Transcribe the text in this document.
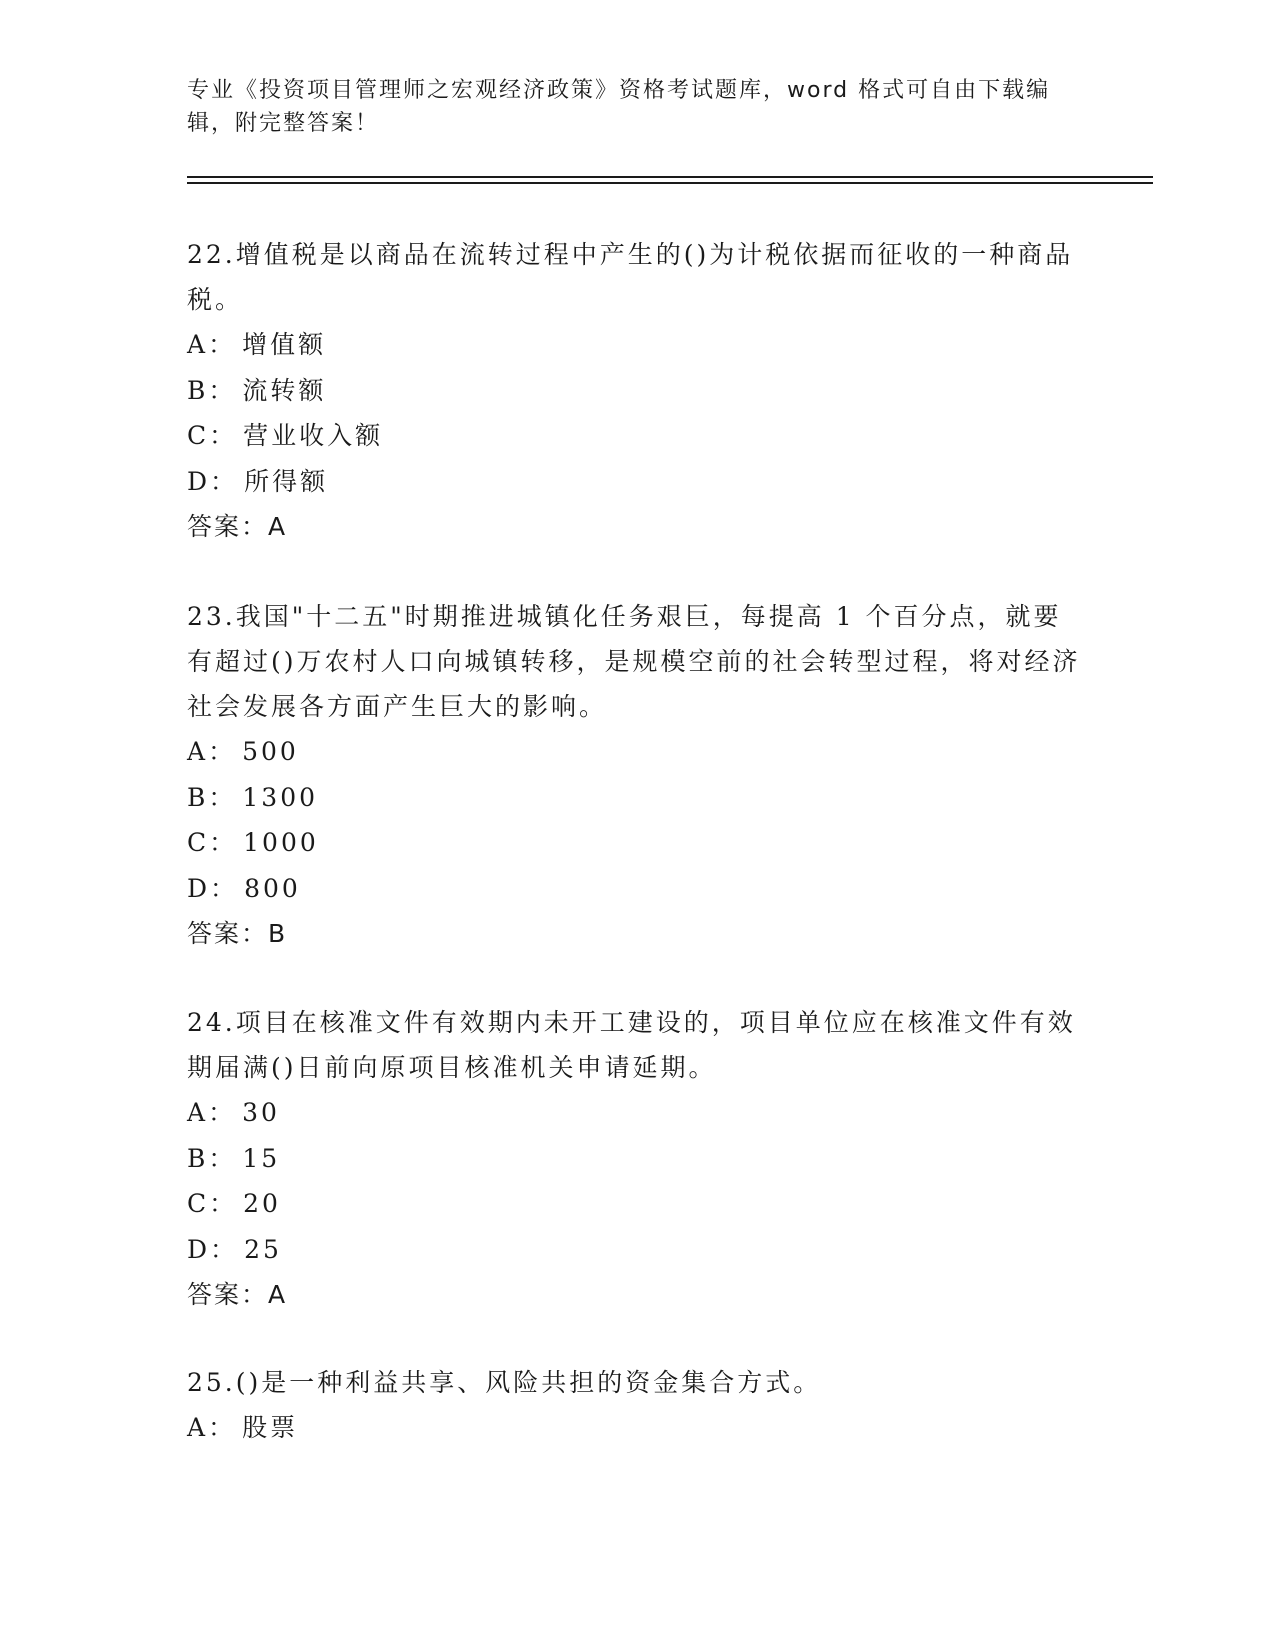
专业《投资项目管理师之宏观经济政策》资格考试题库，word 格式可自由下载编辑，附完整答案！

22.增值税是以商品在流转过程中产生的()为计税依据而征收的一种商品税。

A： 增值额

B： 流转额

C： 营业收入额

D： 所得额

答案：A

23.我国"十二五"时期推进城镇化任务艰巨，每提高 1 个百分点，就要有超过()万农村人口向城镇转移，是规模空前的社会转型过程，将对经济社会发展各方面产生巨大的影响。

A： 500

B： 1300

C： 1000

D： 800

答案：B

24.项目在核准文件有效期内未开工建设的，项目单位应在核准文件有效期届满()日前向原项目核准机关申请延期。

A： 30

B： 15

C： 20

D： 25

答案：A

25.()是一种利益共享、风险共担的资金集合方式。

A： 股票
